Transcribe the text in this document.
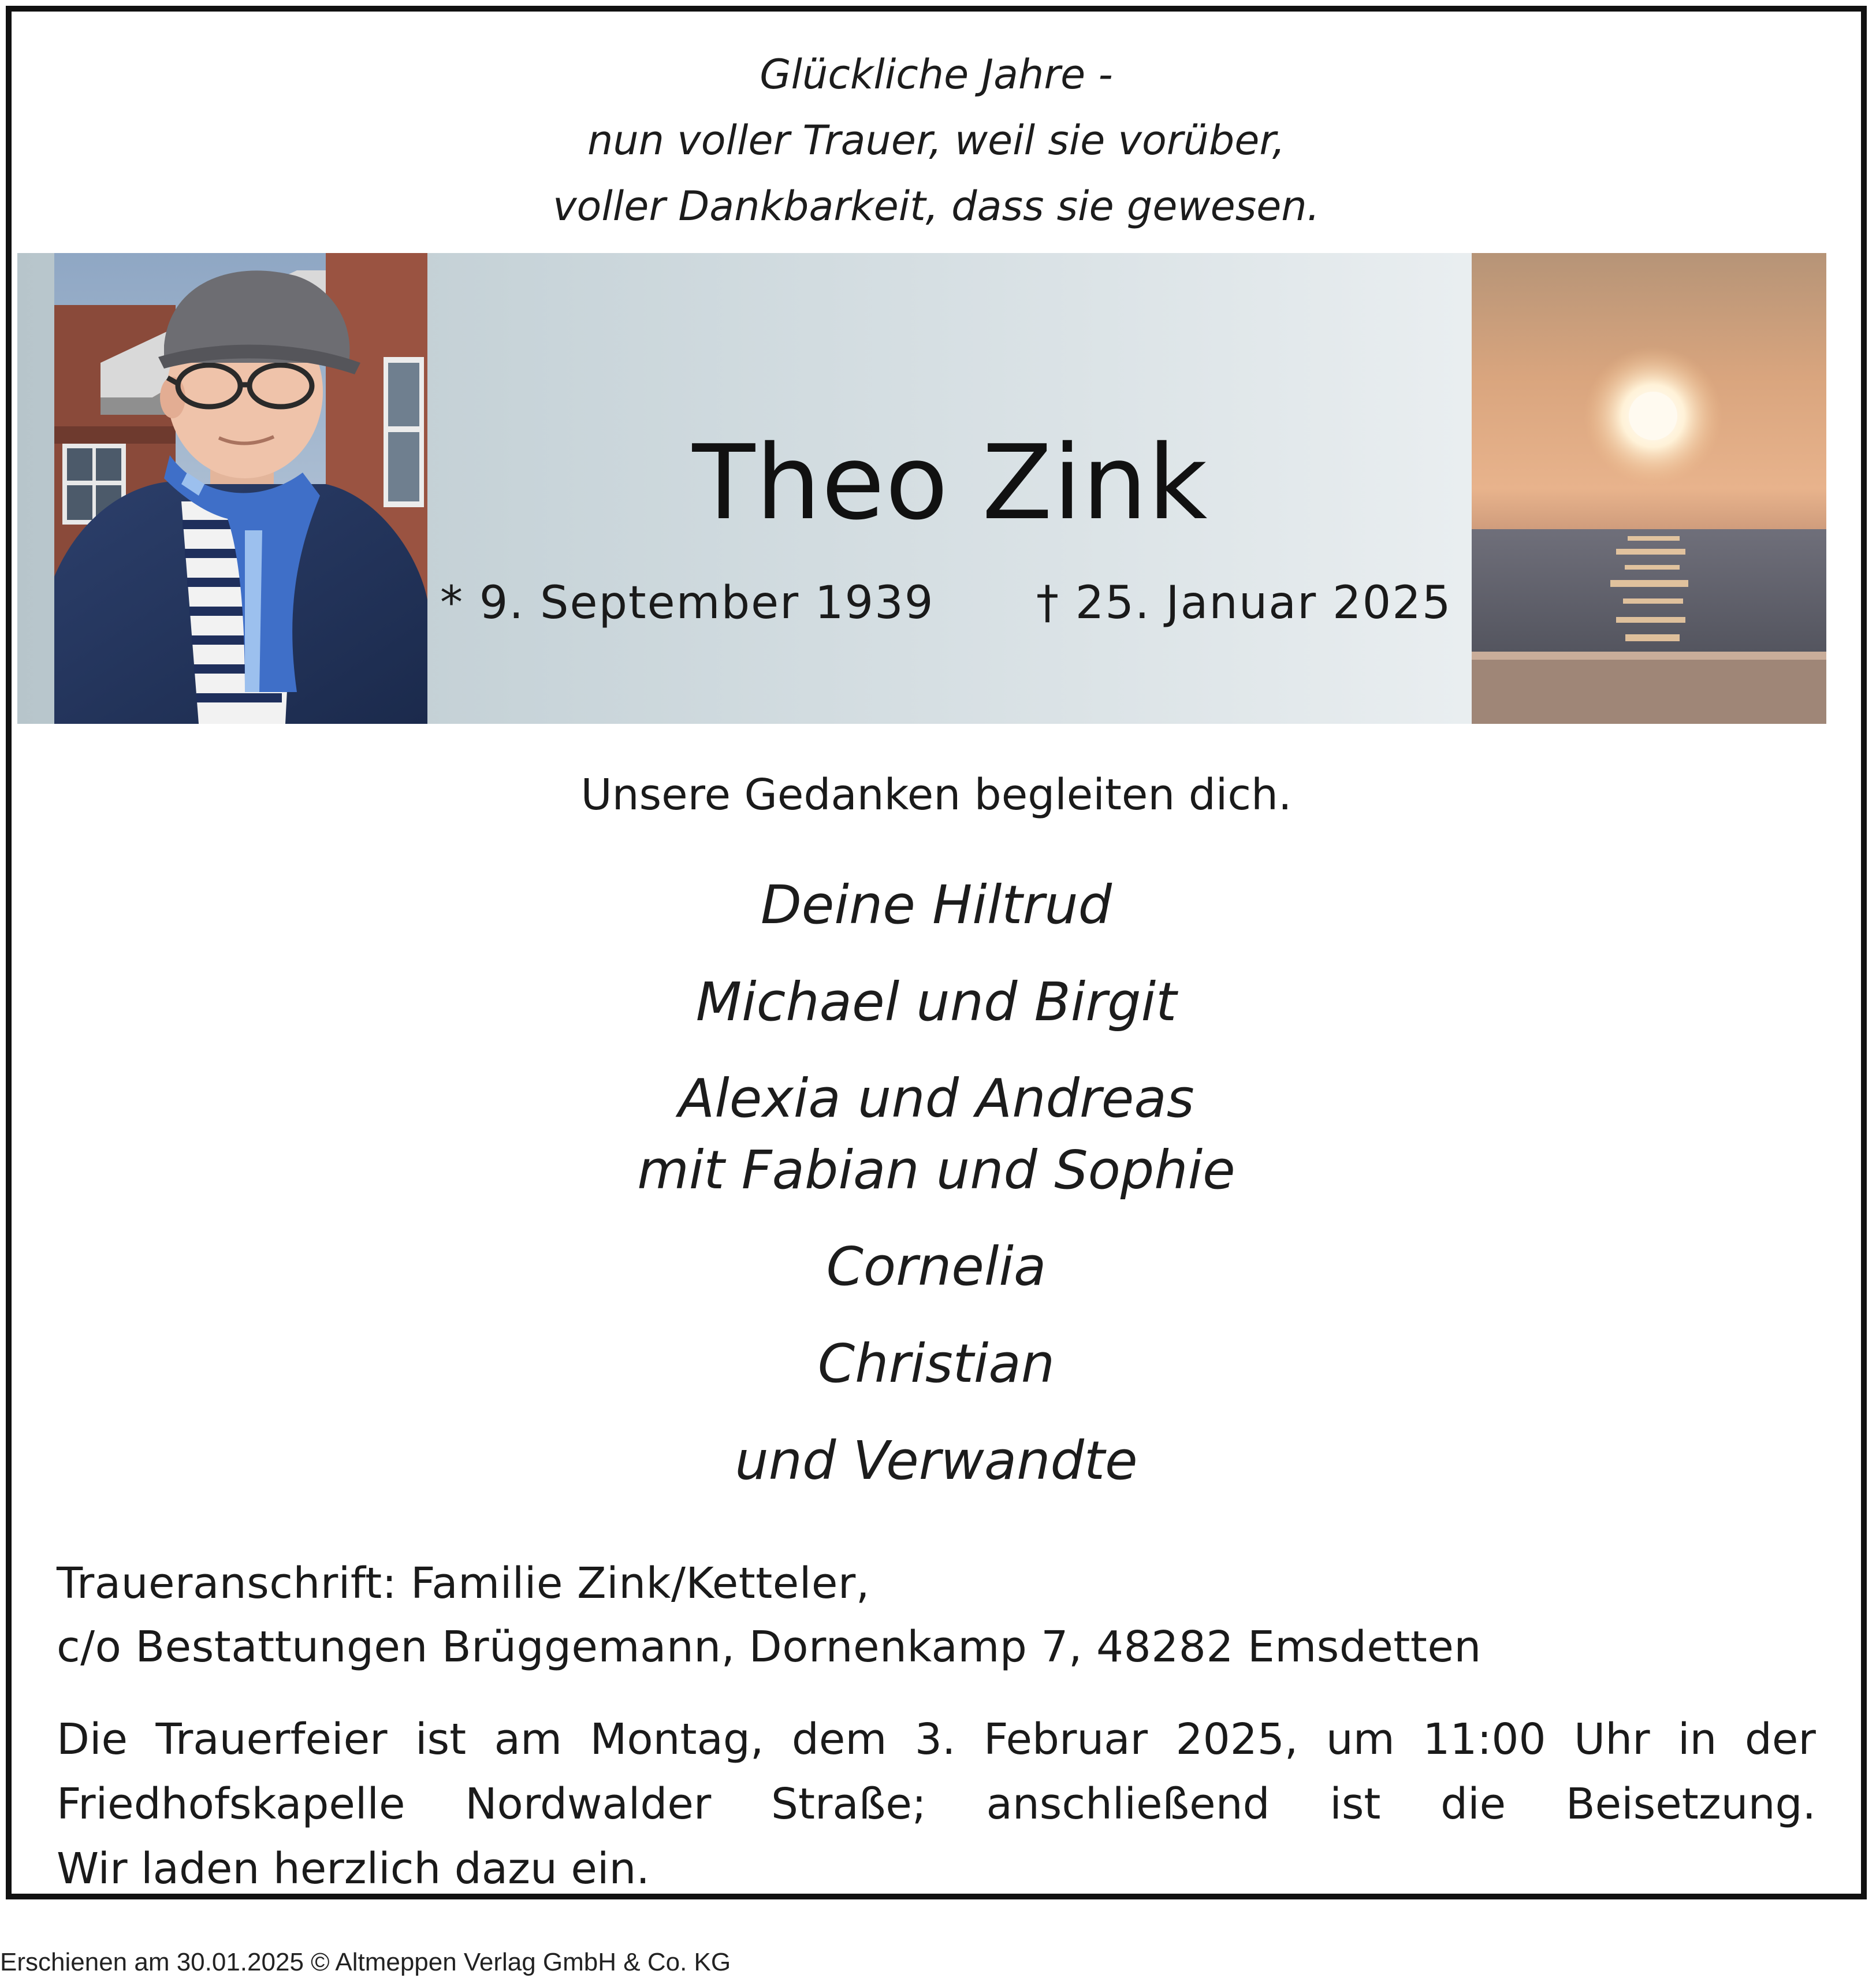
Glückliche Jahre -
nun voller Trauer, weil sie vorüber,
voller Dankbarkeit, dass sie gewesen.
Theo Zink
* 9. September 1939 † 25. Januar 2025
Unsere Gedanken begleiten dich.
Deine Hiltrud
Michael und Birgit
Alexia und Andreas
mit Fabian und Sophie
Cornelia
Christian
und Verwandte
Traueranschrift: Familie Zink/Ketteler,
c/o Bestattungen Brüggemann, Dornenkamp 7, 48282 Emsdetten
Die Trauerfeier ist am Montag, dem 3. Februar 2025, um 11:00 Uhr in der
Friedhofskapelle Nordwalder Straße; anschließend ist die Beisetzung.
Wir laden herzlich dazu ein.
Erschienen am 30.01.2025 © Altmeppen Verlag GmbH & Co. KG
